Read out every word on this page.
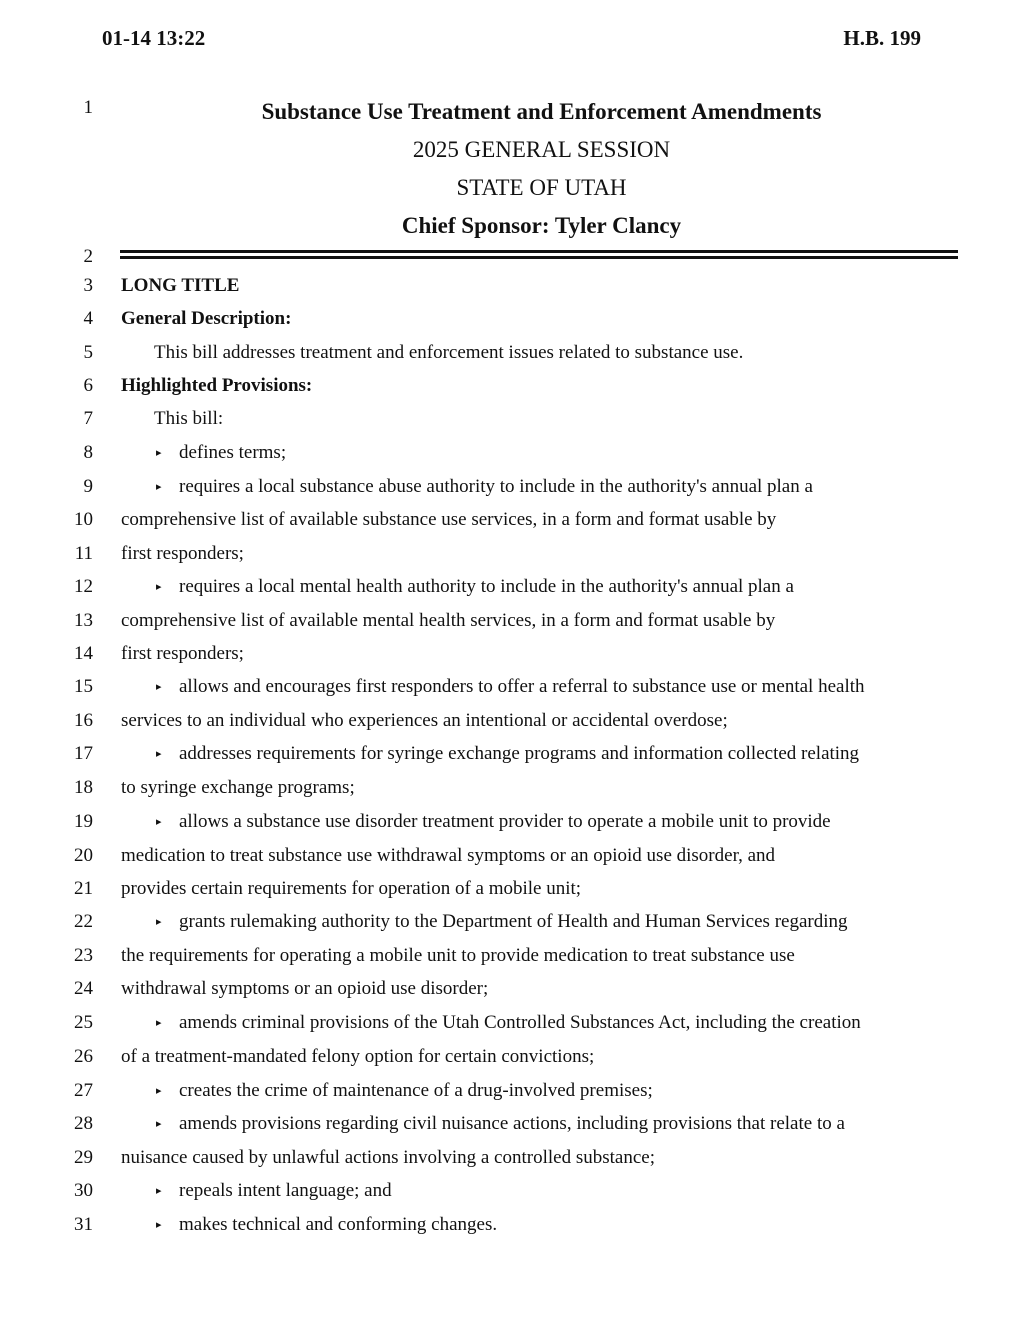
01-14 13:22	H.B. 199
1
2
3
4
5
6
7
8
9
10
11
12
13
14
15
16
17
18
19
20
21
22
23
24
25
26
27
28
29
30
31
Substance Use Treatment and Enforcement Amendments
2025 GENERAL SESSION
STATE OF UTAH
Chief Sponsor: Tyler Clancy
LONG TITLE
General Description:
This bill addresses treatment and enforcement issues related to substance use.
Highlighted Provisions:
This bill:
▸ defines terms;
▸ requires a local substance abuse authority to include in the authority's annual plan a
comprehensive list of available substance use services, in a form and format usable by
first responders;
▸ requires a local mental health authority to include in the authority's annual plan a
comprehensive list of available mental health services, in a form and format usable by
first responders;
▸ allows and encourages first responders to offer a referral to substance use or mental health
services to an individual who experiences an intentional or accidental overdose;
▸ addresses requirements for syringe exchange programs and information collected relating
to syringe exchange programs;
▸ allows a substance use disorder treatment provider to operate a mobile unit to provide
medication to treat substance use withdrawal symptoms or an opioid use disorder, and
provides certain requirements for operation of a mobile unit;
▸ grants rulemaking authority to the Department of Health and Human Services regarding
the requirements for operating a mobile unit to provide medication to treat substance use
withdrawal symptoms or an opioid use disorder;
▸ amends criminal provisions of the Utah Controlled Substances Act, including the creation
of a treatment-mandated felony option for certain convictions;
▸ creates the crime of maintenance of a drug-involved premises;
▸ amends provisions regarding civil nuisance actions, including provisions that relate to a
nuisance caused by unlawful actions involving a controlled substance;
▸ repeals intent language; and
▸ makes technical and conforming changes.
